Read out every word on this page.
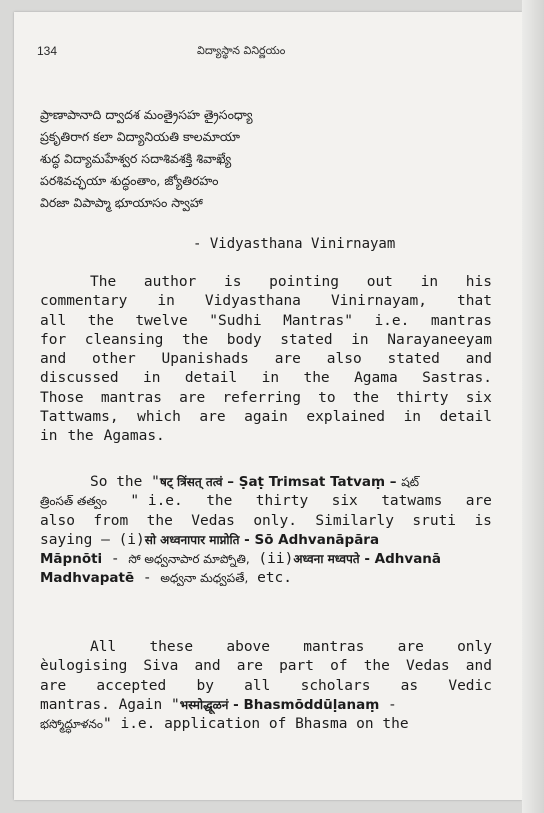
134	విద్యాస్థాన వినిర్ణయం
ప్రాణాపానాది ద్వాదశ మంత్రైసహ త్రైసంధ్యా
ప్రకృతిరాగ కలా విద్యానియతి కాలమాయా
శుద్ధ విద్యామహేశ్వర సదాశివశక్తి శివాఖ్యే
పరశివచ్ఛయా శుద్ధంతాం, జ్యోతిరహం
విరజా విపాప్మా భూయాసం స్వాహా
- Vidyasthana Vinirnayam
The author is pointing out in his
commentary in Vidyasthana Vinirnayam, that
all the twelve "Sudhi Mantras" i.e. mantras
for cleansing the body stated in Narayaneeyam
and other Upanishads are also stated and
discussed in detail in the Agama Sastras.
Those mantras are referring to the thirty six
Tattwams, which are again explained in detail
in the Agamas.
So the " षट् त्रिंसत् तत्वं – Ṣaṭ Trimsat Tatvaṃ – షట్
త్రింసత్ తత్వం " i.e. the thirty six tatwams are
also from the Vedas only. Similarly sruti is
saying – (i) सो अध्वनापार माप्नोति - Sō Adhvanāpāra
Māpnōti - సో అధ్వనాపార మాప్నోతి, (ii) अध्वना मध्वपते - Adhvanā
Madhvapatē - అధ్వనా మధ్వపతే, etc.
All these above mantras are only
èulogising Siva and are part of the Vedas and
are accepted by all scholars as Vedic
mantras. Again " भस्मोद्धूळनं - Bhasmōddūḷanaṃ -
భస్మోద్ధూళనం " i.e. application of Bhasma on the
